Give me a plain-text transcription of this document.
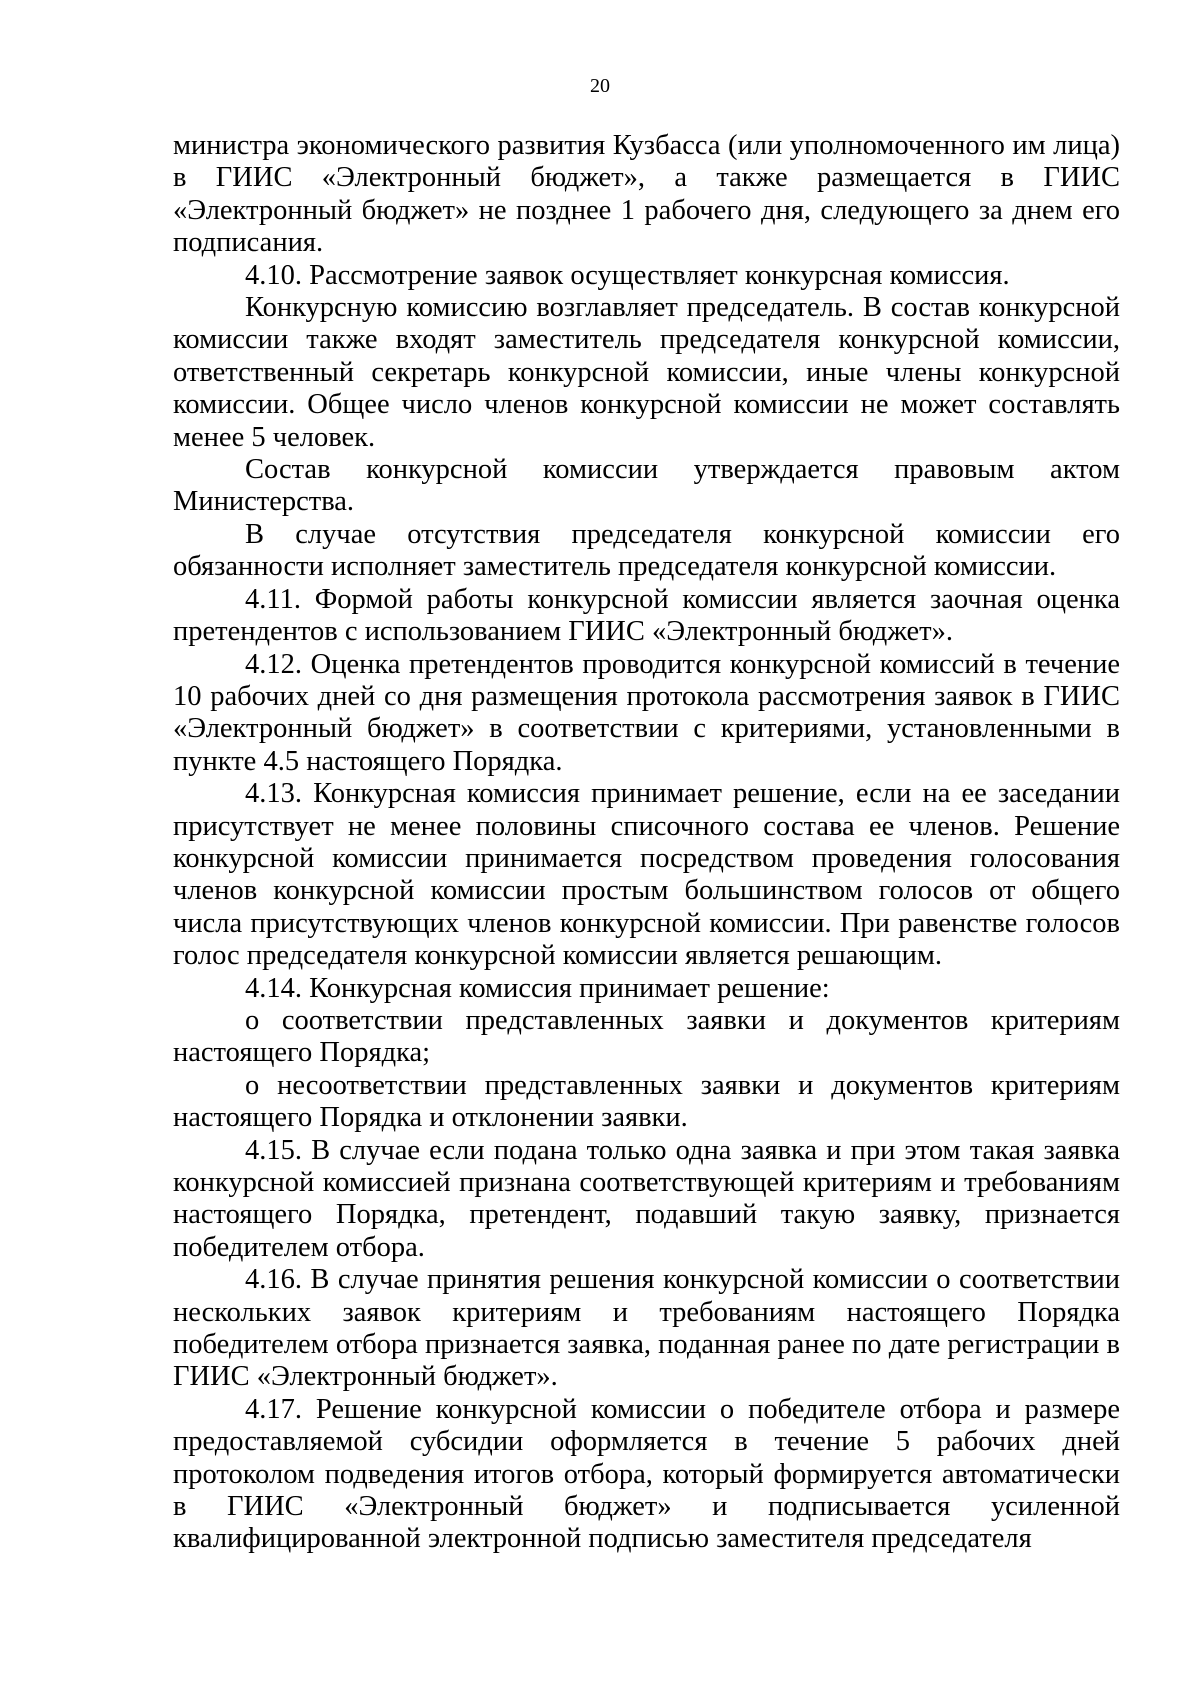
20

министра экономического развития Кузбасса (или уполномоченного им лица) в ГИИС «Электронный бюджет», а также размещается в ГИИС «Электронный бюджет» не позднее 1 рабочего дня, следующего за днем его подписания.

4.10. Рассмотрение заявок осуществляет конкурсная комиссия.

Конкурсную комиссию возглавляет председатель. В состав конкурсной комиссии также входят заместитель председателя конкурсной комиссии, ответственный секретарь конкурсной комиссии, иные члены конкурсной комиссии. Общее число членов конкурсной комиссии не может составлять менее 5 человек.

Состав конкурсной комиссии утверждается правовым актом Министерства.

В случае отсутствия председателя конкурсной комиссии его обязанности исполняет заместитель председателя конкурсной комиссии.

4.11. Формой работы конкурсной комиссии является заочная оценка претендентов с использованием ГИИС «Электронный бюджет».

4.12. Оценка претендентов проводится конкурсной комиссий в течение 10 рабочих дней со дня размещения протокола рассмотрения заявок в ГИИС «Электронный бюджет» в соответствии с критериями, установленными в пункте 4.5 настоящего Порядка.

4.13. Конкурсная комиссия принимает решение, если на ее заседании присутствует не менее половины списочного состава ее членов. Решение конкурсной комиссии принимается посредством проведения голосования членов конкурсной комиссии простым большинством голосов от общего числа присутствующих членов конкурсной комиссии. При равенстве голосов голос председателя конкурсной комиссии является решающим.

4.14. Конкурсная комиссия принимает решение:

о соответствии представленных заявки и документов критериям настоящего Порядка;

о несоответствии представленных заявки и документов критериям настоящего Порядка и отклонении заявки.

4.15. В случае если подана только одна заявка и при этом такая заявка конкурсной комиссией признана соответствующей критериям и требованиям настоящего Порядка, претендент, подавший такую заявку, признается победителем отбора.

4.16. В случае принятия решения конкурсной комиссии о соответствии нескольких заявок критериям и требованиям настоящего Порядка победителем отбора признается заявка, поданная ранее по дате регистрации в ГИИС «Электронный бюджет».

4.17. Решение конкурсной комиссии о победителе отбора и размере предоставляемой субсидии оформляется в течение 5 рабочих дней протоколом подведения итогов отбора, который формируется автоматически в ГИИС «Электронный бюджет» и подписывается усиленной квалифицированной электронной подписью заместителя председателя
